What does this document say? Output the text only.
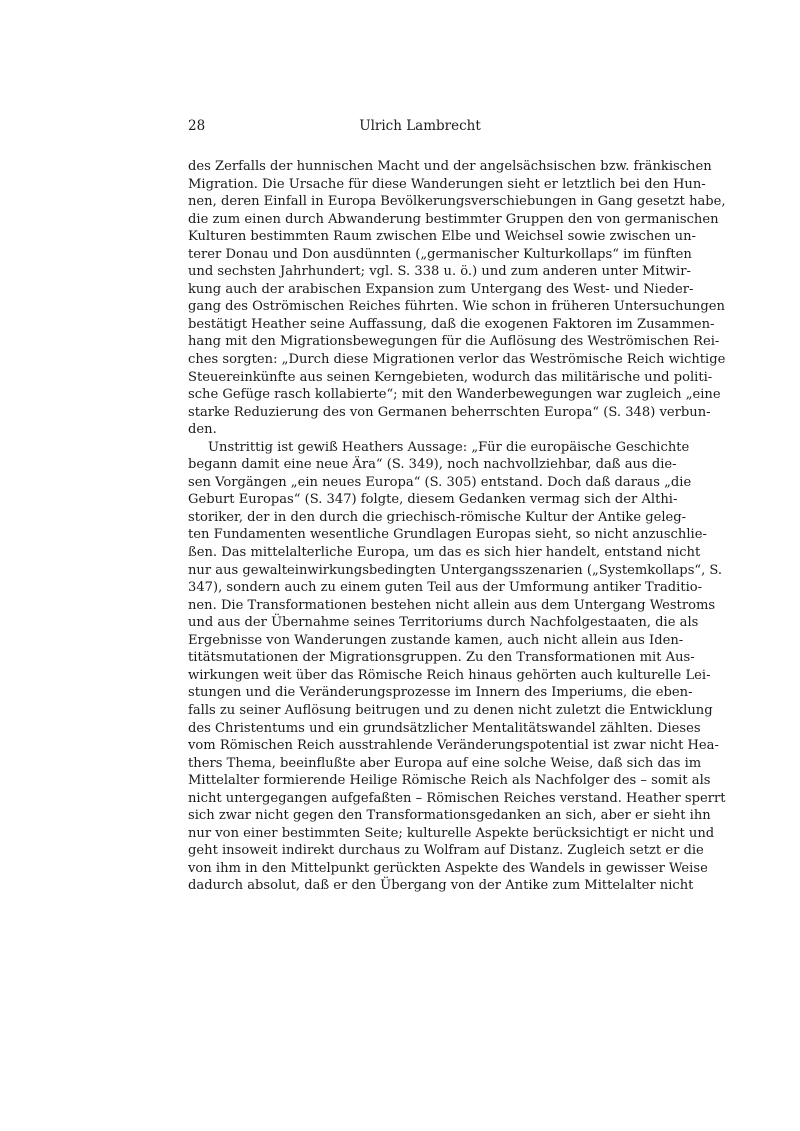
28	Ulrich Lambrecht
des Zerfalls der hunnischen Macht und der angelsächsischen bzw. fränkischen
Migration. Die Ursache für diese Wanderungen sieht er letztlich bei den Hun-
nen, deren Einfall in Europa Bevölkerungsverschiebungen in Gang gesetzt habe,
die zum einen durch Abwanderung bestimmter Gruppen den von germanischen
Kulturen bestimmten Raum zwischen Elbe und Weichsel sowie zwischen un-
terer Donau und Don ausdünnten („germanischer Kulturkollaps“ im fünften
und sechsten Jahrhundert; vgl. S. 338 u. ö.) und zum anderen unter Mitwir-
kung auch der arabischen Expansion zum Untergang des West- und Nieder-
gang des Oströmischen Reiches führten. Wie schon in früheren Untersuchungen
bestätigt Heather seine Auffassung, daß die exogenen Faktoren im Zusammen-
hang mit den Migrationsbewegungen für die Auflösung des Weströmischen Rei-
ches sorgten: „Durch diese Migrationen verlor das Weströmische Reich wichtige
Steuereinkünfte aus seinen Kerngebieten, wodurch das militärische und politi-
sche Gefüge rasch kollabierte“; mit den Wanderbewegungen war zugleich „eine
starke Reduzierung des von Germanen beherrschten Europa“ (S. 348) verbun-
den.
Unstrittig ist gewiß Heathers Aussage: „Für die europäische Geschichte
begann damit eine neue Ära“ (S. 349), noch nachvollziehbar, daß aus die-
sen Vorgängen „ein neues Europa“ (S. 305) entstand. Doch daß daraus „die
Geburt Europas“ (S. 347) folgte, diesem Gedanken vermag sich der Althi-
storiker, der in den durch die griechisch-römische Kultur der Antike geleg-
ten Fundamenten wesentliche Grundlagen Europas sieht, so nicht anzuschlie-
ßen. Das mittelalterliche Europa, um das es sich hier handelt, entstand nicht
nur aus gewalteinwirkungsbedingten Untergangsszenarien („Systemkollaps“, S.
347), sondern auch zu einem guten Teil aus der Umformung antiker Traditio-
nen. Die Transformationen bestehen nicht allein aus dem Untergang Westroms
und aus der Übernahme seines Territoriums durch Nachfolgestaaten, die als
Ergebnisse von Wanderungen zustande kamen, auch nicht allein aus Iden-
titätsmutationen der Migrationsgruppen. Zu den Transformationen mit Aus-
wirkungen weit über das Römische Reich hinaus gehörten auch kulturelle Lei-
stungen und die Veränderungsprozesse im Innern des Imperiums, die eben-
falls zu seiner Auflösung beitrugen und zu denen nicht zuletzt die Entwicklung
des Christentums und ein grundsätzlicher Mentalitätswandel zählten. Dieses
vom Römischen Reich ausstrahlende Veränderungspotential ist zwar nicht Hea-
thers Thema, beeinflußte aber Europa auf eine solche Weise, daß sich das im
Mittelalter formierende Heilige Römische Reich als Nachfolger des – somit als
nicht untergegangen aufgefaßten – Römischen Reiches verstand. Heather sperrt
sich zwar nicht gegen den Transformationsgedanken an sich, aber er sieht ihn
nur von einer bestimmten Seite; kulturelle Aspekte berücksichtigt er nicht und
geht insoweit indirekt durchaus zu Wolfram auf Distanz. Zugleich setzt er die
von ihm in den Mittelpunkt gerückten Aspekte des Wandels in gewisser Weise
dadurch absolut, daß er den Übergang von der Antike zum Mittelalter nicht
